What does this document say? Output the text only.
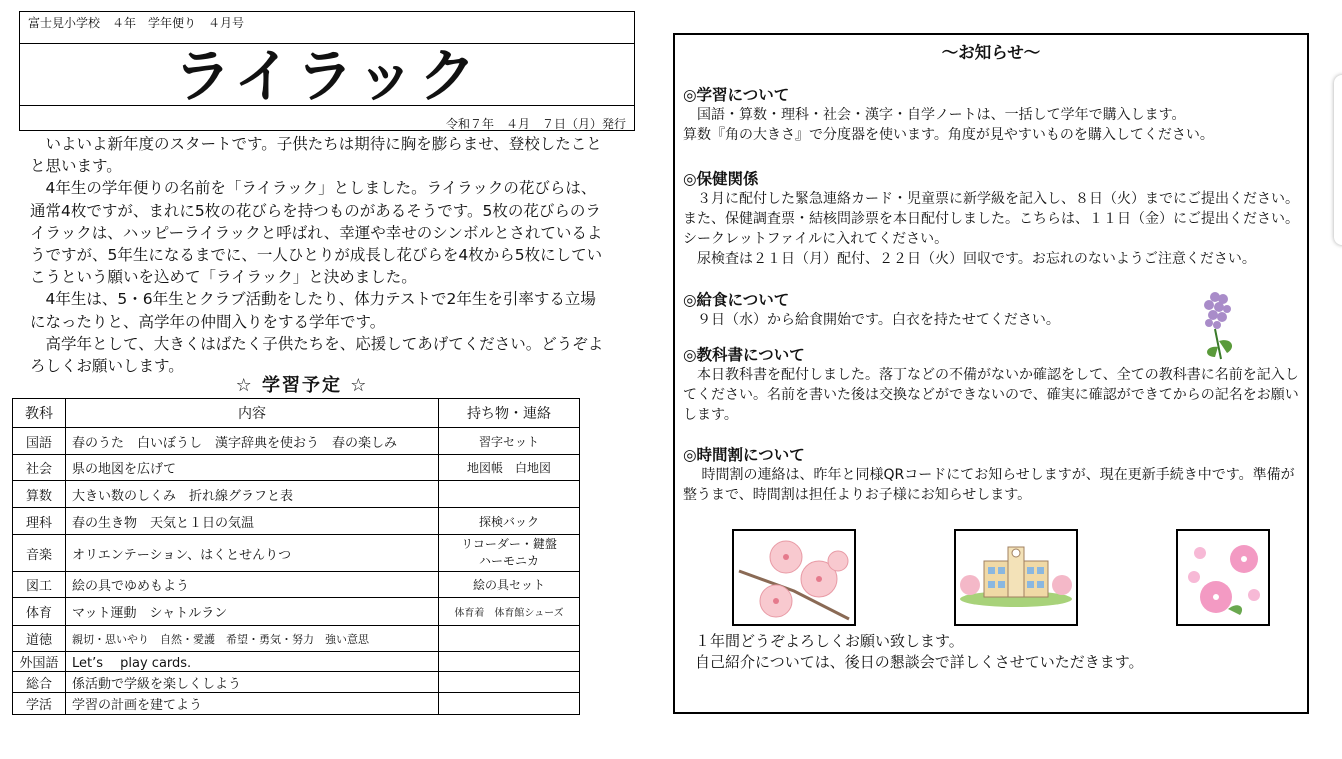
富士見小学校　４年　学年便り　４月号
ライラック
令和７年　４月　７日（月）発行

　いよいよ新年度のスタートです。子供たちは期待に胸を膨らませ、登校したことと思います。

　4年生の学年便りの名前を「ライラック」としました。ライラックの花びらは、通常4枚ですが、まれに5枚の花びらを持つものがあるそうです。5枚の花びらのライラックは、ハッピーライラックと呼ばれ、幸運や幸せのシンボルとされているようですが、5年生になるまでに、一人ひとりが成長し花びらを4枚から5枚にしていこうという願いを込めて「ライラック」と決めました。

　4年生は、5・6年生とクラブ活動をしたり、体力テストで2年生を引率する立場になったりと、高学年の仲間入りをする学年です。

　高学年として、大きくはばたく子供たちを、応援してあげてください。どうぞよろしくお願いします。

☆ 学習予定 ☆
教科	内容	持ち物・連絡
国語	春のうた　白いぼうし　漢字辞典を使おう　春の楽しみ	習字セット
社会	県の地図を広げて	地図帳　白地図
算数	大きい数のしくみ　折れ線グラフと表	
理科	春の生き物　天気と１日の気温	探検バック
音楽	オリエンテーション、はくとせんりつ	リコーダー・鍵盤
ハーモニカ
図工	絵の具でゆめもよう	絵の具セット
体育	マット運動　シャトルラン	体育着　体育館シューズ
道徳	親切・思いやり　自然・愛護　希望・勇気・努力　強い意思	
外国語	Let’s　 play cards.	
総合	係活動で学級を楽しくしよう	
学活	学習の計画を建てよう	
～お知らせ～
◎学習について

　国語・算数・理科・社会・漢字・自学ノートは、一括して学年で購入します。

算数『角の大きさ』で分度器を使います。角度が見やすいものを購入してください。

◎保健関係

　３月に配付した緊急連絡カード・児童票に新学級を記入し、８日（火）までにご提出ください。また、保健調査票・結核問診票を本日配付しました。こちらは、１１日（金）にご提出ください。シークレットファイルに入れてください。

　尿検査は２１日（月）配付、２２日（火）回収です。お忘れのないようご注意ください。

◎給食について

　９日（水）から給食開始です。白衣を持たせてください。

◎教科書について

　本日教科書を配付しました。落丁などの不備がないか確認をして、全ての教科書に名前を記入してください。名前を書いた後は交換などができないので、確実に確認ができてからの記名をお願いします。

◎時間割について

　 時間割の連絡は、昨年と同様QRコードにてお知らせしますが、現在更新手続き中です。準備が整うまで、時間割は担任よりお子様にお知らせします。

１年間どうぞよろしくお願い致します。

自己紹介については、後日の懇談会で詳しくさせていただきます。
